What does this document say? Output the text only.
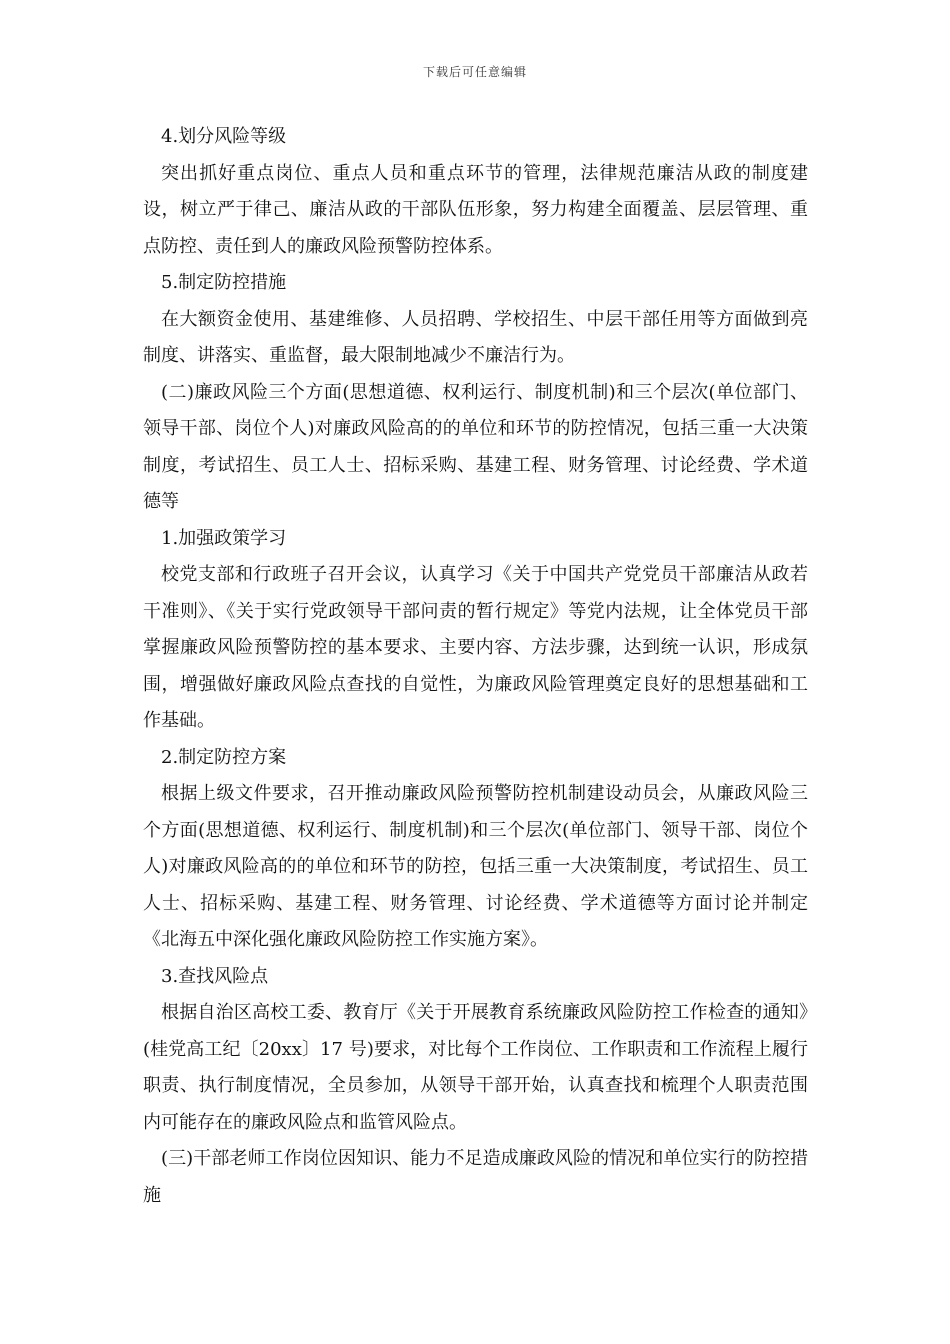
下载后可任意编辑

4.划分风险等级

突出抓好重点岗位、重点人员和重点环节的管理，法律规范廉洁从政的制度建设，树立严于律己、廉洁从政的干部队伍形象，努力构建全面覆盖、层层管理、重点防控、责任到人的廉政风险预警防控体系。

5.制定防控措施

在大额资金使用、基建维修、人员招聘、学校招生、中层干部任用等方面做到亮制度、讲落实、重监督，最大限制地减少不廉洁行为。

(二)廉政风险三个方面(思想道德、权利运行、制度机制)和三个层次(单位部门、领导干部、岗位个人)对廉政风险高的的单位和环节的防控情况，包括三重一大决策制度，考试招生、员工人士、招标采购、基建工程、财务管理、讨论经费、学术道德等

1.加强政策学习

校党支部和行政班子召开会议，认真学习《关于中国共产党党员干部廉洁从政若干准则》、《关于实行党政领导干部问责的暂行规定》等党内法规，让全体党员干部掌握廉政风险预警防控的基本要求、主要内容、方法步骤，达到统一认识，形成氛围，增强做好廉政风险点查找的自觉性，为廉政风险管理奠定良好的思想基础和工作基础。

2.制定防控方案

根据上级文件要求，召开推动廉政风险预警防控机制建设动员会，从廉政风险三个方面(思想道德、权利运行、制度机制)和三个层次(单位部门、领导干部、岗位个人)对廉政风险高的的单位和环节的防控，包括三重一大决策制度，考试招生、员工人士、招标采购、基建工程、财务管理、讨论经费、学术道德等方面讨论并制定《北海五中深化强化廉政风险防控工作实施方案》。

3.查找风险点

根据自治区高校工委、教育厅《关于开展教育系统廉政风险防控工作检查的通知》(桂党高工纪〔20xx〕17 号)要求，对比每个工作岗位、工作职责和工作流程上履行职责、执行制度情况，全员参加，从领导干部开始，认真查找和梳理个人职责范围内可能存在的廉政风险点和监管风险点。

(三)干部老师工作岗位因知识、能力不足造成廉政风险的情况和单位实行的防控措施
